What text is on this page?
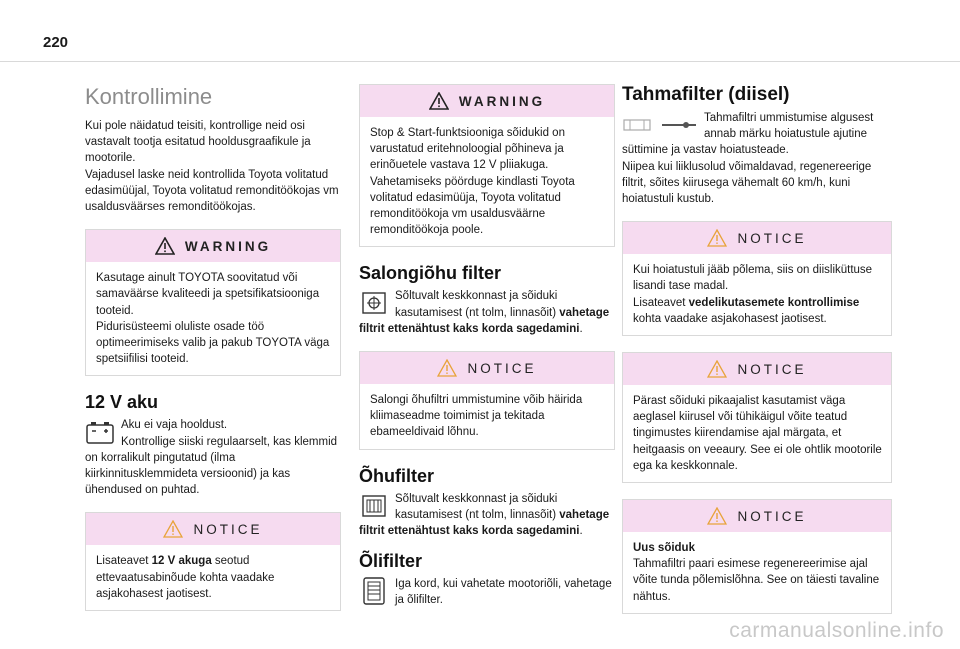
220
Kontrollimine

Kui pole näidatud teisiti, kontrollige neid osi vastavalt tootja esitatud hooldusgraafikule ja mootorile.
Vajadusel laske neid kontrollida Toyota volitatud edasimüüjal, Toyota volitatud remonditöökojas vm usaldusväärses remonditöökojas.

WARNING

Kasutage ainult TOYOTA soovitatud või samaväärse kvaliteedi ja spetsifikatsiooniga tooteid.
Pidurisüsteemi oluliste osade töö optimeerimiseks valib ja pakub TOYOTA väga spetsiifilisi tooteid.

12 V aku

Aku ei vaja hooldust.
Kontrollige siiski regulaarselt, kas klemmid on korralikult pingutatud (ilma kiirkinnitusklemmideta versioonid) ja kas ühendused on puhtad.

NOTICE

Lisateavet 12 V akuga seotud ettevaatusabinõude kohta vaadake asjakohasest jaotisest.

WARNING

Stop & Start-funktsiooniga sõidukid on varustatud eritehnoloogial põhineva ja erinõuetele vastava 12 V pliiakuga. Vahetamiseks pöörduge kindlasti Toyota volitatud edasimüüja, Toyota volitatud remonditöökoja vm usaldusväärne remonditöökoja poole.

Salongiõhu filter

Sõltuvalt keskkonnast ja sõiduki kasutamisest (nt tolm, linnasõit) vahetage filtrit ettenähtust kaks korda sagedamini.

NOTICE

Salongi õhufiltri ummistumine võib häirida kliimaseadme toimimist ja tekitada ebameeldivaid lõhnu.

Õhufilter

Sõltuvalt keskkonnast ja sõiduki kasutamisest (nt tolm, linnasõit) vahetage filtrit ettenähtust kaks korda sagedamini.

Õlifilter

Iga kord, kui vahetate mootoriõli, vahetage ja õlifilter.

Tahmafilter (diisel)

Tahmafiltri ummistumise algusest annab märku hoiatustule ajutine süttimine ja vastav hoiatusteade.
Niipea kui liiklusolud võimaldavad, regenereerige filtrit, sõites kiirusega vähemalt 60 km/h, kuni hoiatustuli kustub.

NOTICE

Kui hoiatustuli jääb põlema, siis on diisliküttuse lisandi tase madal.
Lisateavet vedelikutasemete kontrollimise kohta vaadake asjakohasest jaotisest.

NOTICE

Pärast sõiduki pikaajalist kasutamist väga aeglasel kiirusel või tühikäigul võite teatud tingimustes kiirendamise ajal märgata, et heitgaasis on veeaurу. See ei ole ohtlik mootorile ega ka keskkonnale.

NOTICE

Uus sõiduk

Tahmafiltri paari esimese regenereerimise ajal võite tunda põlemislõhna. See on täiesti tavaline nähtus.

carmanualsonline.info
